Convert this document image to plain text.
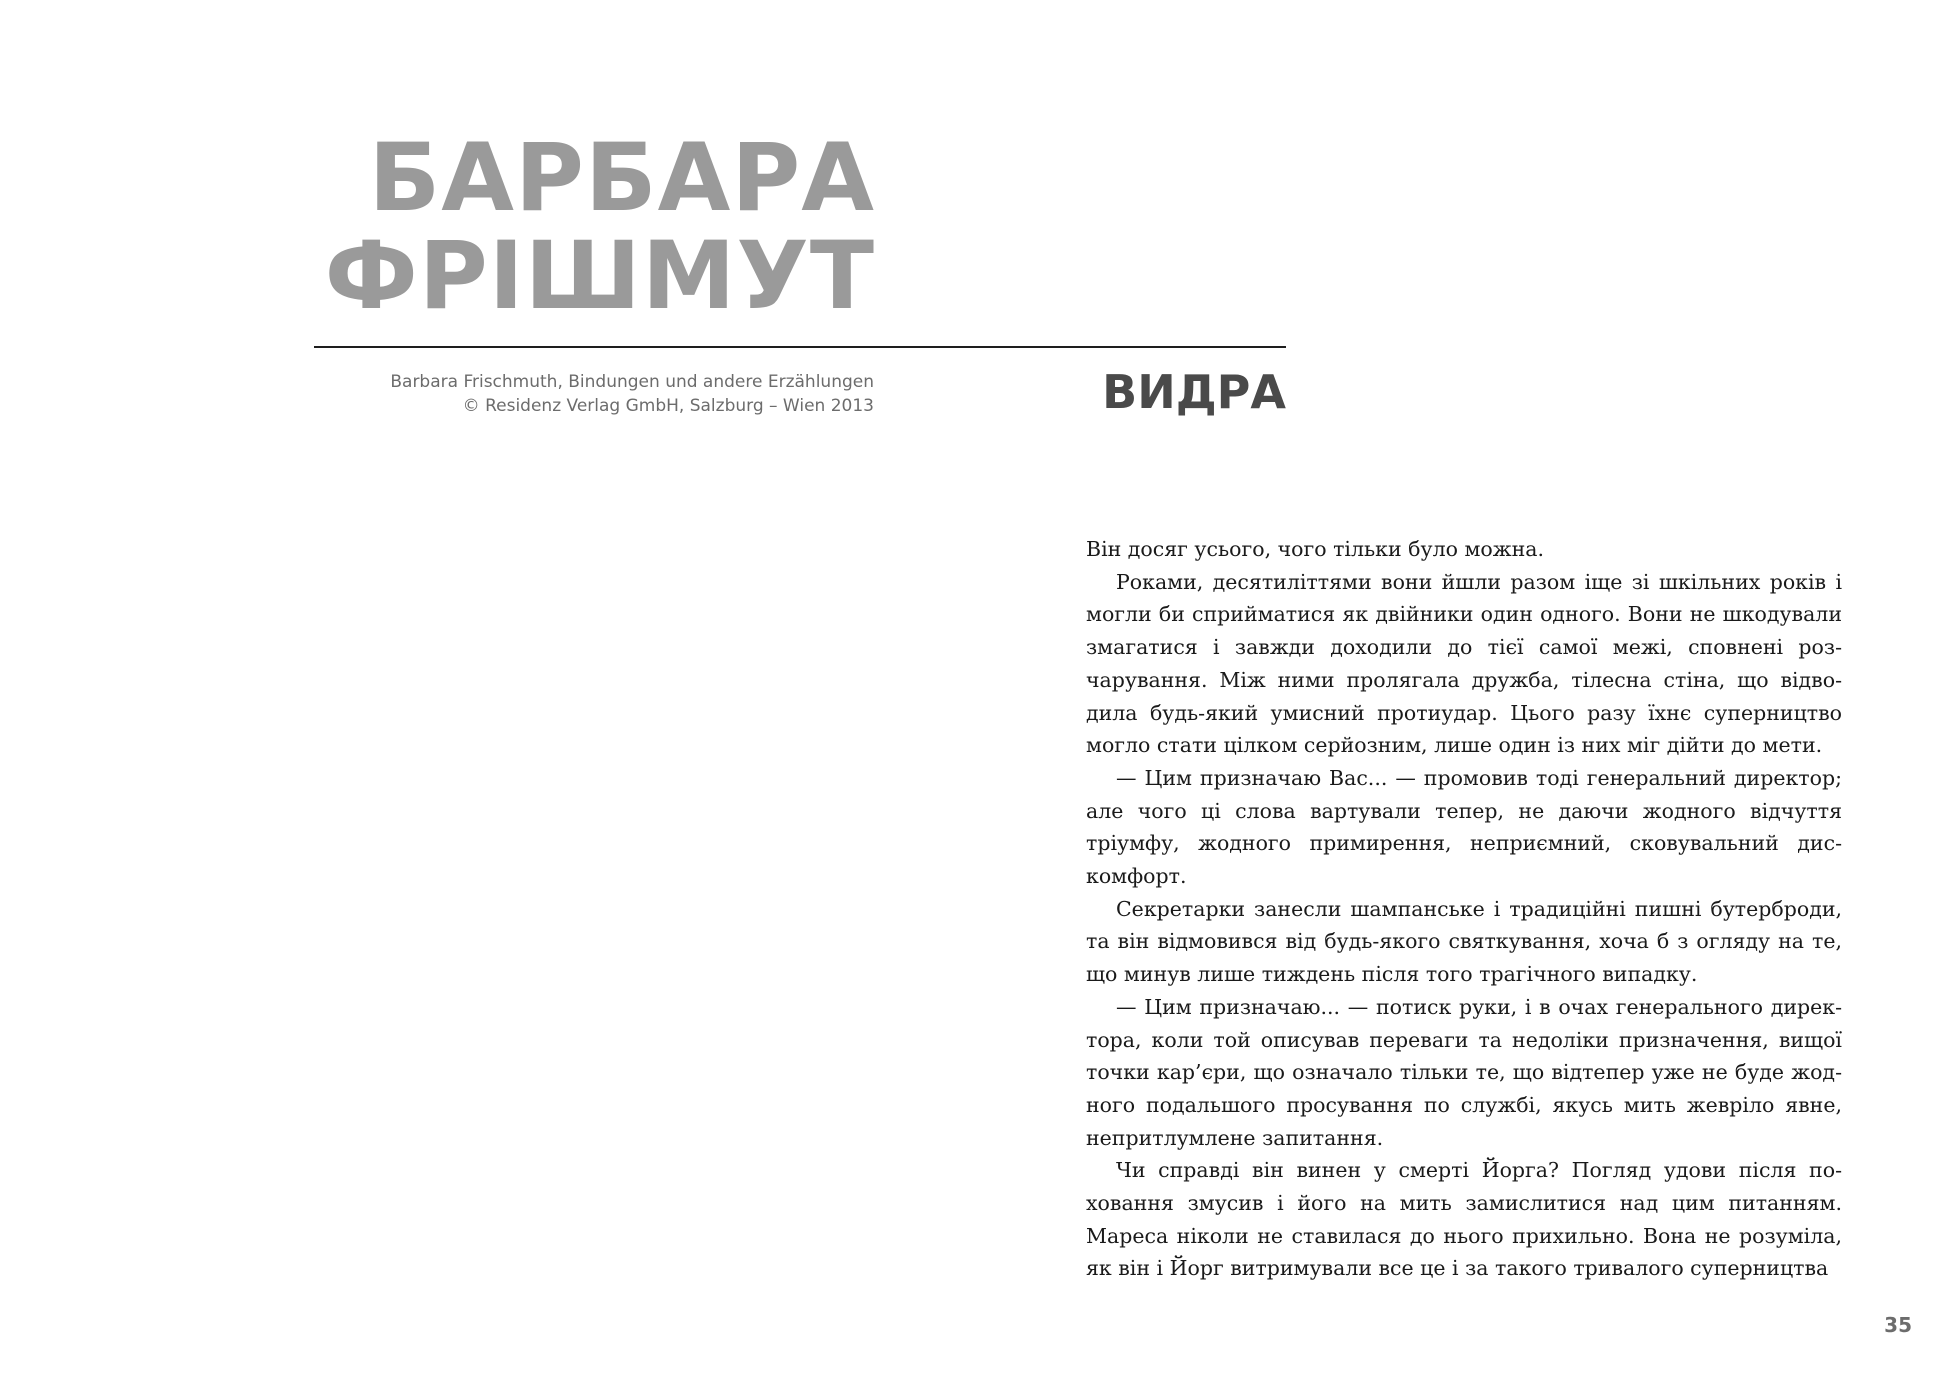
БАРБАРА
ФРІШМУТ
Barbara Frischmuth, Bindungen und andere Erzählungen
© Residenz Verlag GmbH, Salzburg – Wien 2013	ВИДРА

Він досяг усього, чого тільки було можна.

Роками, десятиліттями вони йшли разом іще зі шкільних років і могли би сприйматися як двійники один одного. Вони не шкодували змагатися і завжди доходили до тієї самої межі, сповнені розчарування. Між ними пролягала дружба, тілесна стіна, що відводила будь-який умисний протиудар. Цього разу їхнє суперництво могло стати цілком серйозним, лише один із них міг дійти до мети.

— Цим призначаю Вас... — промовив тоді генеральний директор; але чого ці слова вартували тепер, не даючи жодного відчуття тріумфу, жодного примирення, неприємний, сковувальний дискомфорт.

Секретарки занесли шампанське і традиційні пишні бутерброди, та він відмовився від будь-якого святкування, хоча б з огляду на те, що минув лише тиждень після того трагічного випадку.

— Цим призначаю... — потиск руки, і в очах генерального директора, коли той описував переваги та недоліки призначення, вищої точки кар’єри, що означало тільки те, що відтепер уже не буде жодного подальшого просування по службі, якусь мить жевріло явне, непритлумлене запитання.

Чи справді він винен у смерті Йорга? Погляд удови після поховання змусив і його на мить замислитися над цим питанням. Мареса ніколи не ставилася до нього прихильно. Вона не розуміла, як він і Йорг витримували все це і за такого тривалого суперництва

35
